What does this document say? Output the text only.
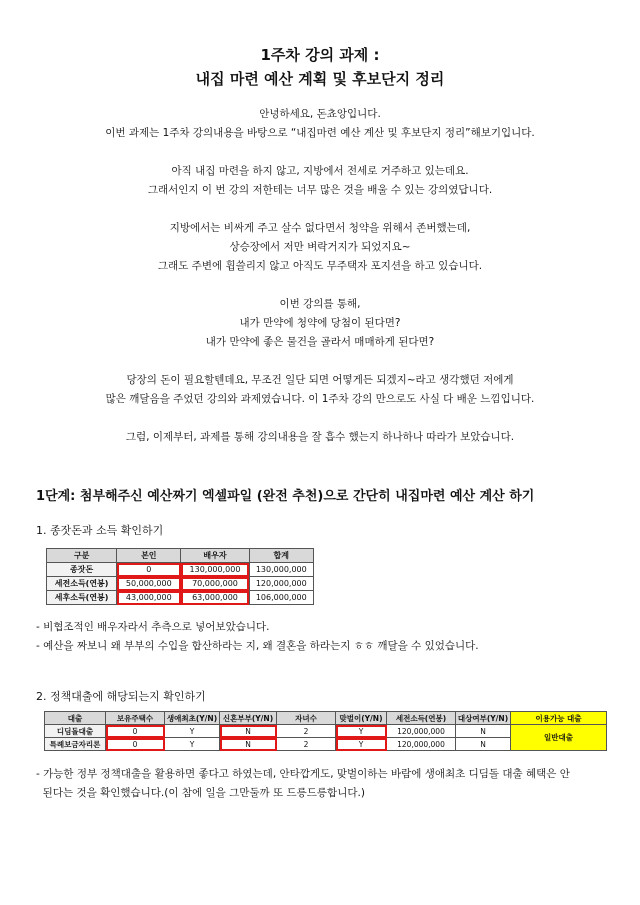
1주차 강의 과제 :
내집 마련 예산 계획 및 후보단지 정리
안녕하세요, 돈쵸앙입니다.
이번 과제는 1주차 강의내용을 바탕으로 “내집마련 예산 계산 및 후보단지 정리”해보기입니다.
아직 내집 마련을 하지 않고, 지방에서 전세로 거주하고 있는데요.
그래서인지 이 번 강의 저한테는 너무 많은 것을 배울 수 있는 강의였답니다.
지방에서는 비싸게 주고 살수 없다면서 청약을 위해서 존버했는데,
상승장에서 저만 벼락거지가 되었지요~
그래도 주변에 휩쓸리지 않고 아직도 무주택자 포지션을 하고 있습니다.
이번 강의를 통해,
내가 만약에 청약에 당첨이 된다면?
내가 만약에 좋은 물건을 골라서 매매하게 된다면?
당장의 돈이 필요할텐데요, 무조건 일단 되면 어떻게든 되겠지~라고 생각했던 저에게
많은 깨달음을 주었던 강의와 과제였습니다. 이 1주차 강의 만으로도 사실 다 배운 느낌입니다.
그럼, 이제부터, 과제를 통해 강의내용을 잘 흡수 했는지 하나하나 따라가 보았습니다.
1단계: 첨부해주신 예산짜기 엑셀파일 (완전 추천)으로 간단히 내집마련 예산 계산 하기
1. 종잣돈과 소득 확인하기
구분	본인	배우자	합계
종잣돈	0	130,000,000	130,000,000
세전소득(연봉)	50,000,000	70,000,000	120,000,000
세후소득(연봉)	43,000,000	63,000,000	106,000,000
- 비협조적인 배우자라서 추측으로 넣어보았습니다.
- 예산을 짜보니 왜 부부의 수입을 합산하라는 지, 왜 결혼을 하라는지 ㅎㅎ 깨달을 수 있었습니다.
2. 정책대출에 해당되는지 확인하기
대출	보유주택수	생애최초(Y/N)	신혼부부(Y/N)	자녀수	맞벌이(Y/N)	세전소득(연봉)	대상여부(Y/N)	이용가능 대출
디딤돌대출	0	Y	N	2	Y	120,000,000	N	일반대출
특례보금자리론	0	Y	N	2	Y	120,000,000	N	
- 가능한 정부 정책대출을 활용하면 좋다고 하였는데, 안타깝게도, 맞벌이하는 바람에 생애최초 디딤돌 대출 혜택은 안
된다는 것을 확인했습니다.(이 참에 일을 그만둘까 또 드릉드릉합니다.)
